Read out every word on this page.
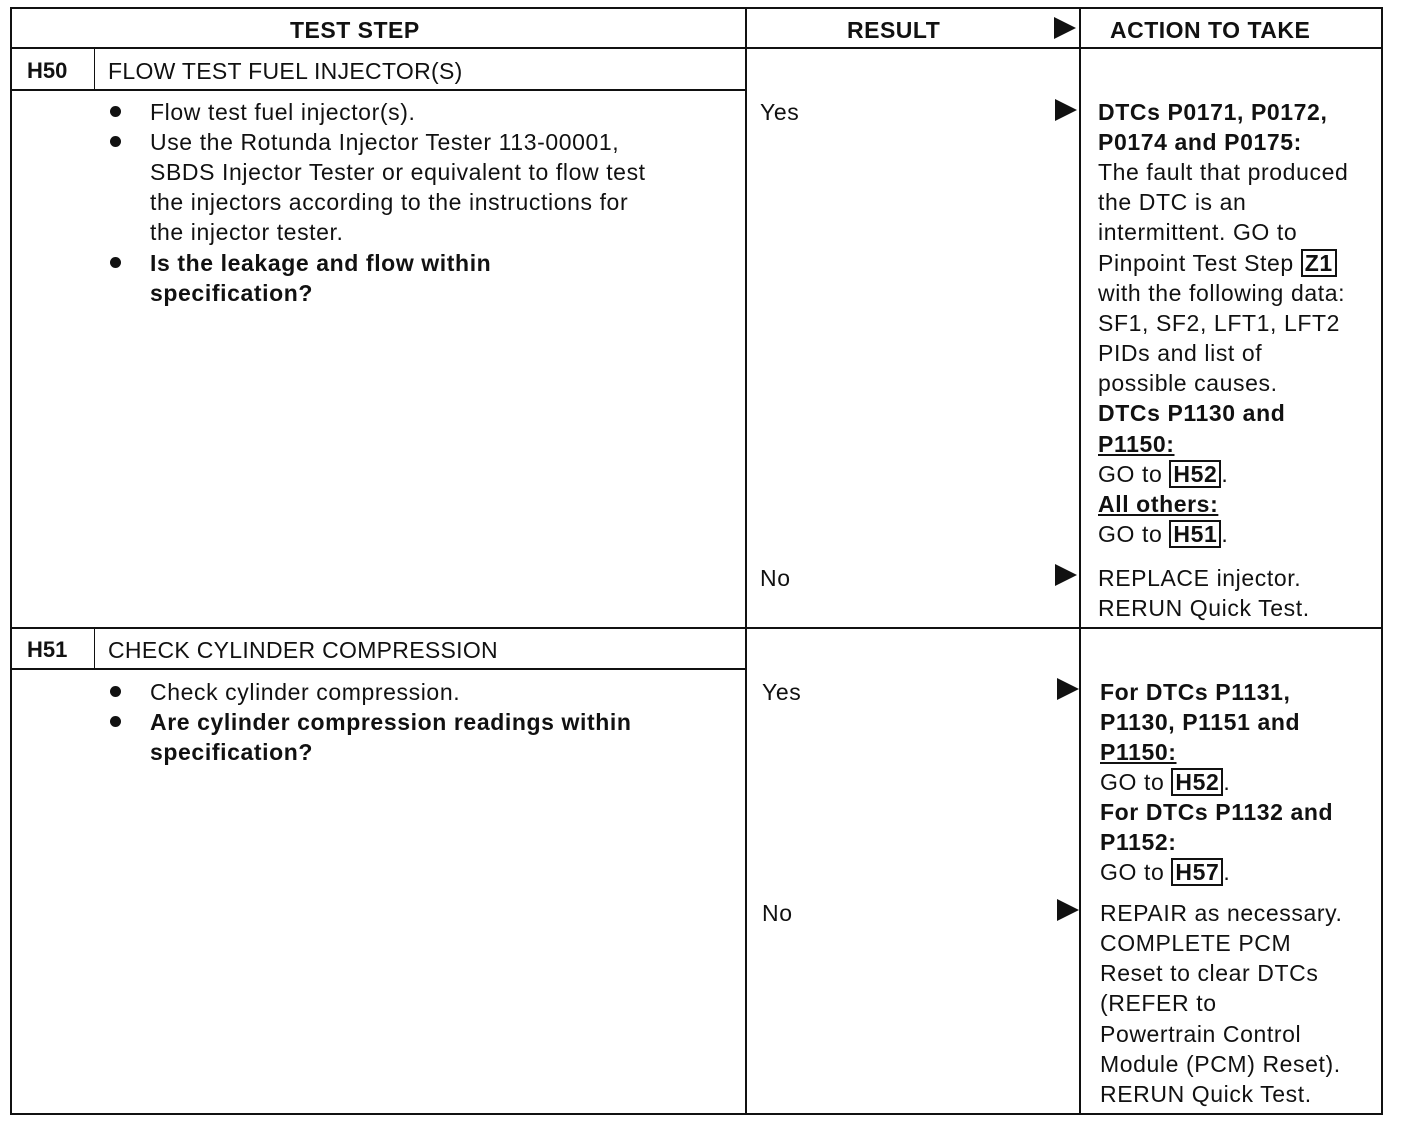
TEST STEP	RESULT	ACTION TO TAKE
H50 FLOW TEST FUEL INJECTOR(S)
Flow test fuel injector(s).
Use the Rotunda Injector Tester 113-00001,
SBDS Injector Tester or equivalent to flow test
the injectors according to the instructions for
the injector tester.
Is the leakage and flow within
specification?
Yes
No
DTCs P0171, P0172,
P0174 and P0175:
The fault that produced
the DTC is an
intermittent. GO to
Pinpoint Test Step Z1
with the following data:
SF1, SF2, LFT1, LFT2
PIDs and list of
possible causes.
DTCs P1130 and
P1150:
GO to H52 .
All others:
GO to H51 .
REPLACE injector.
RERUN Quick Test.
H51 CHECK CYLINDER COMPRESSION
Check cylinder compression.
Are cylinder compression readings within
specification?
Yes
No
For DTCs P1131,
P1130, P1151 and
P1150:
GO to H52 .
For DTCs P1132 and
P1152:
GO to H57 .
REPAIR as necessary.
COMPLETE PCM
Reset to clear DTCs
(REFER to
Powertrain Control
Module (PCM) Reset).
RERUN Quick Test.
